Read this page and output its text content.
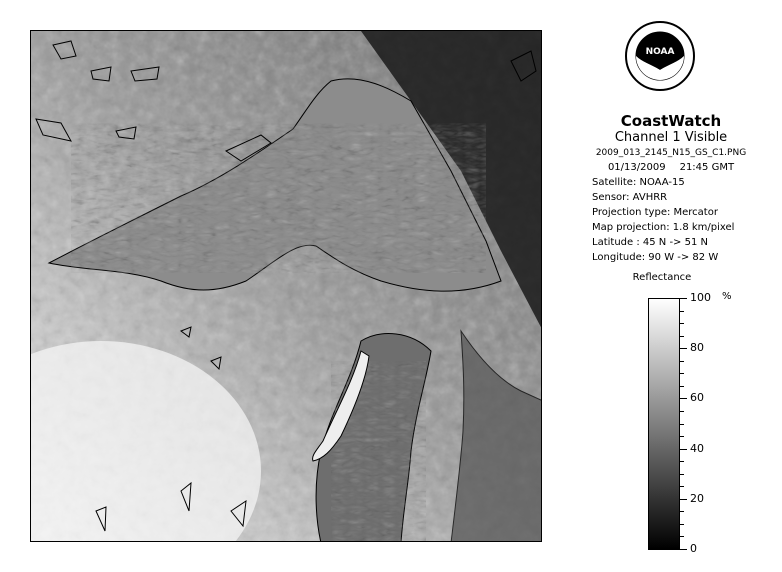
NOAA
CoastWatch
Channel 1 Visible
2009_013_2145_N15_GS_C1.PNG
01/13/2009 21:45 GMT
Satellite: NOAA-15
Sensor: AVHRR
Projection type: Mercator
Map projection: 1.8 km/pixel
Latitude : 45 N -> 51 N
Longitude: 90 W -> 82 W
Reflectance
%
100
80
60
40
20
0
